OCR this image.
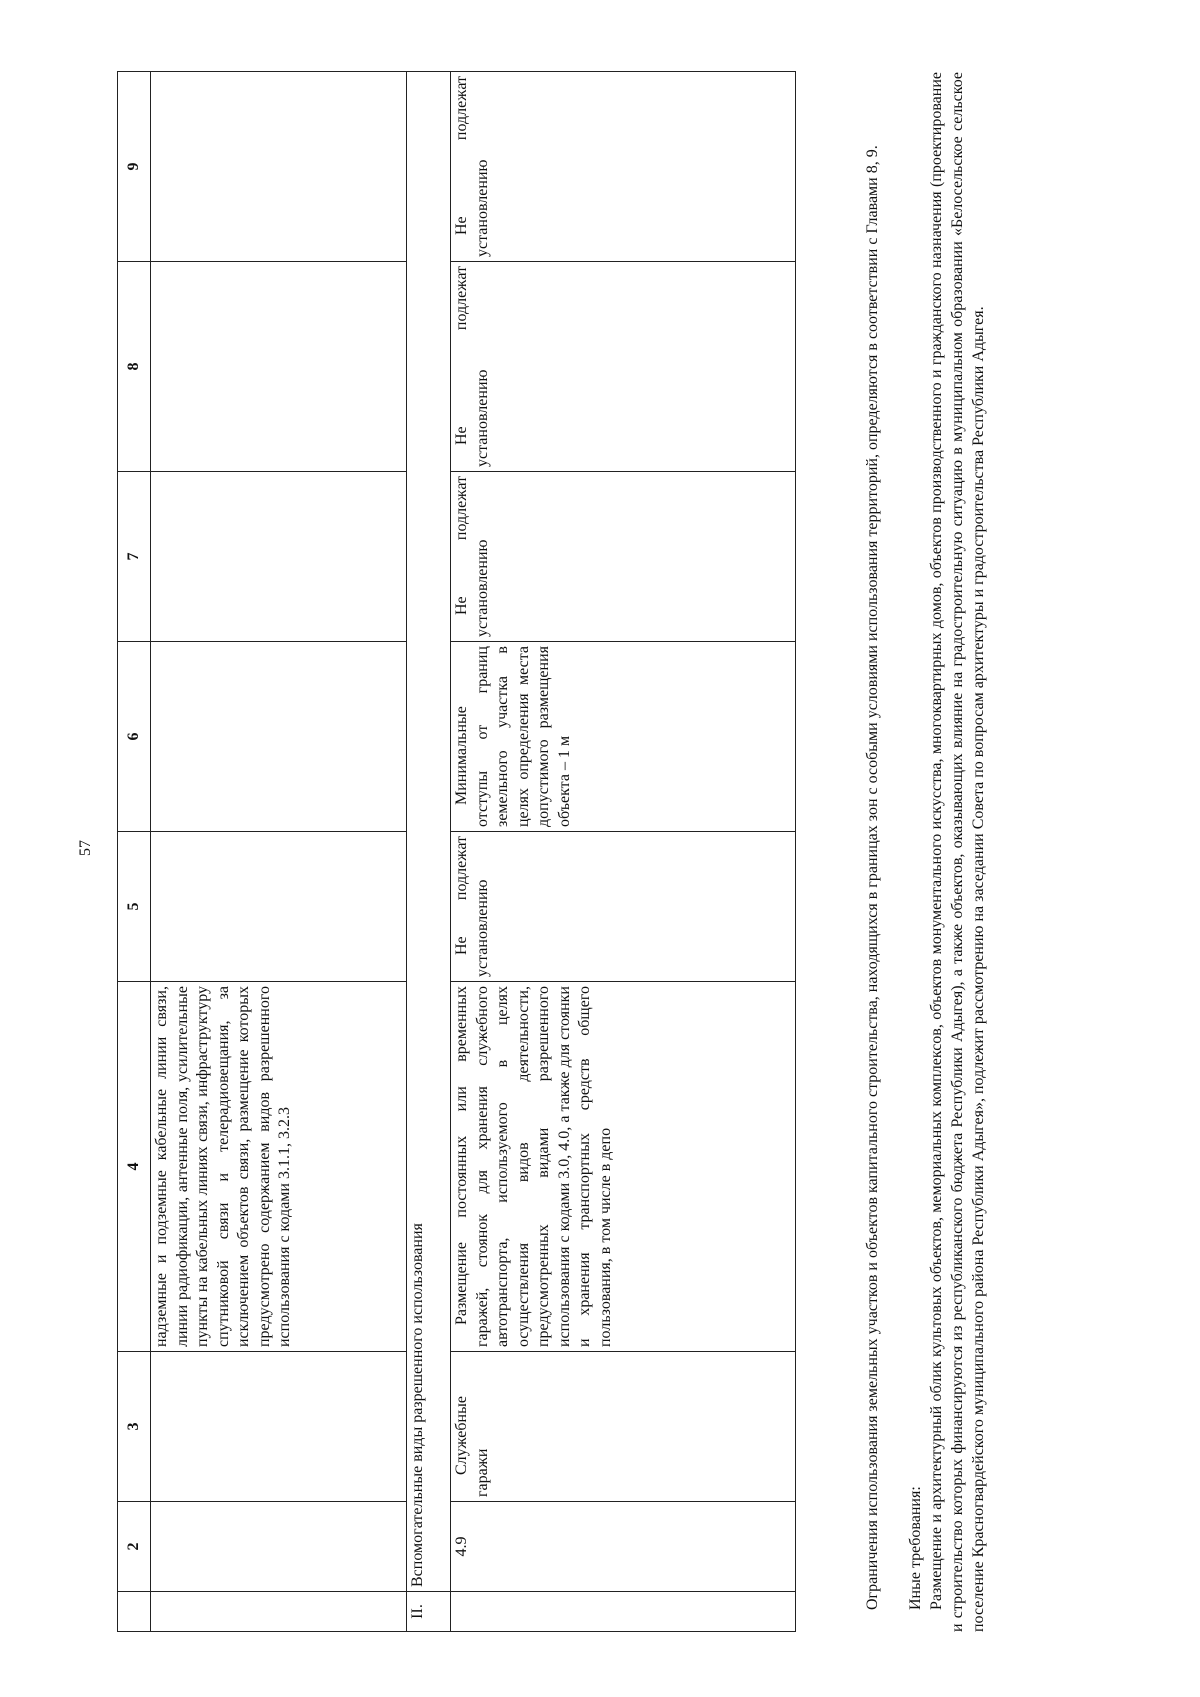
57
	2	3	4	5	6	7	8	9
			надземные и подземные кабельные линии связи, линии радиофикации, антенные поля, усилительные пункты на кабельных линиях связи, инфраструктуру спутниковой связи и телерадиовещания, за исключением объектов связи, размещение которых предусмотрено содержанием видов разрешенного использования с кодами 3.1.1, 3.2.3					
II.	Вспомогательные виды разрешенного использования							
	4.9	Служебные гаражи	Размещение постоянных или временных гаражей, стоянок для хранения служебного автотранспорта, используемого в целях осуществления видов деятельности, предусмотренных видами разрешенного использования с кодами 3.0, 4.0, а также для стоянки и хранения транспортных средств общего пользования, в том числе в депо	Не подлежат установлению	Минимальные отступы от границ земельного участка в целях определения места допустимого размещения объекта – 1 м	Не подлежат установлению	Не подлежат установлению	Не подлежат установлению	Ограничения использования земельных участков и объектов капитального строительства, находящихся в границах зон с особыми условиями использования территорий, определяются в соответствии с Главами 8, 9. Иные требования: Размещение и архитектурный облик культовых объектов, мемориальных комплексов, объектов монументального искусства, многоквартирных домов, объектов производственного и гражданского назначения (проектирование и строительство которых финансируются из республиканского бюджета Республики Адыгея), а также объектов, оказывающих влияние на градостроительную ситуацию в муниципальном образовании «Белосельское сельское поселение Красногвардейского муниципального района Республики Адыгея», подлежит рассмотрению на заседании Совета по вопросам архитектуры и градостроительства Республики Адыгея.
